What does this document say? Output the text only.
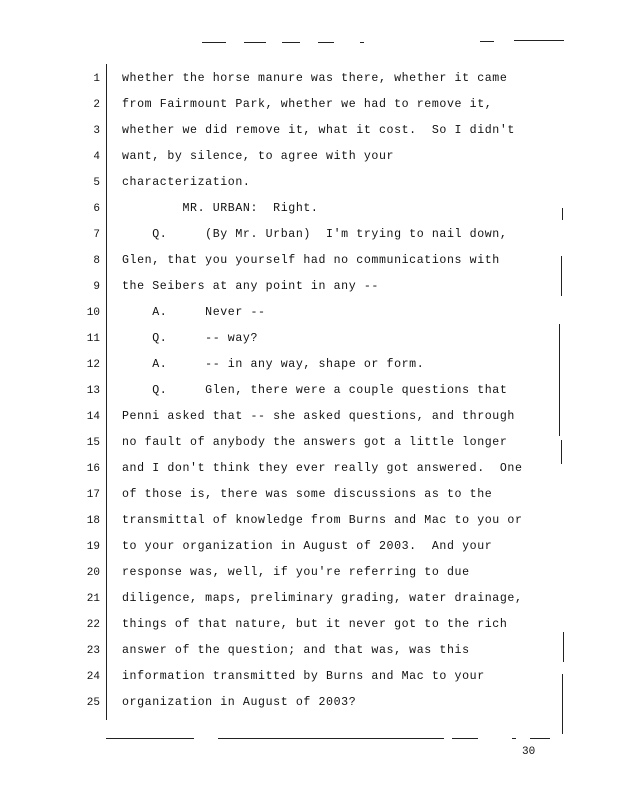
1
2
3
4
5
6
7
8
9
10
11
12
13
14
15
16
17
18
19
20
21
22
23
24
25
whether the horse manure was there, whether it came
from Fairmount Park, whether we had to remove it,
whether we did remove it, what it cost.  So I didn't
want, by silence, to agree with your
characterization.
MR. URBAN:  Right.
Q.     (By Mr. Urban)  I'm trying to nail down,
Glen, that you yourself had no communications with
the Seibers at any point in any --
A.     Never --
Q.     -- way?
A.     -- in any way, shape or form.
Q.     Glen, there were a couple questions that
Penni asked that -- she asked questions, and through
no fault of anybody the answers got a little longer
and I don't think they ever really got answered.  One
of those is, there was some discussions as to the
transmittal of knowledge from Burns and Mac to you or
to your organization in August of 2003.  And your
response was, well, if you're referring to due
diligence, maps, preliminary grading, water drainage,
things of that nature, but it never got to the rich
answer of the question; and that was, was this
information transmitted by Burns and Mac to your
organization in August of 2003?
30
